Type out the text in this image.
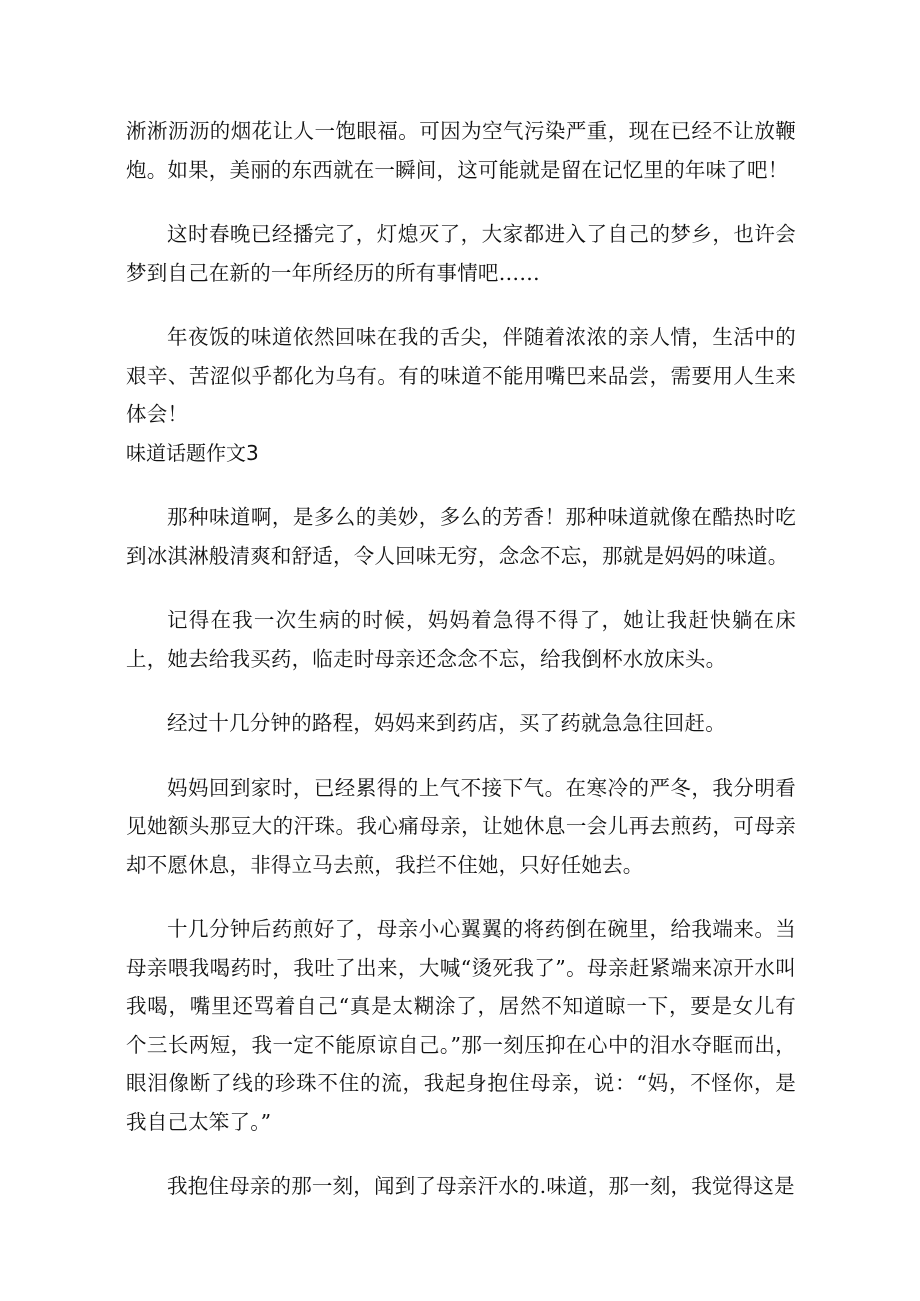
淅淅沥沥的烟花让人一饱眼福。可因为空气污染严重，现在已经不让放鞭炮。如果，美丽的东西就在一瞬间，这可能就是留在记忆里的年味了吧！

这时春晚已经播完了，灯熄灭了，大家都进入了自己的梦乡，也许会梦到自己在新的一年所经历的所有事情吧……

年夜饭的味道依然回味在我的舌尖，伴随着浓浓的亲人情，生活中的艰辛、苦涩似乎都化为乌有。有的味道不能用嘴巴来品尝，需要用人生来体会！

味道话题作文3

那种味道啊，是多么的美妙，多么的芳香！那种味道就像在酷热时吃到冰淇淋般清爽和舒适，令人回味无穷，念念不忘，那就是妈妈的味道。

记得在我一次生病的时候，妈妈着急得不得了，她让我赶快躺在床上，她去给我买药，临走时母亲还念念不忘，给我倒杯水放床头。

经过十几分钟的路程，妈妈来到药店，买了药就急急往回赶。

妈妈回到家时，已经累得的上气不接下气。在寒冷的严冬，我分明看见她额头那豆大的汗珠。我心痛母亲，让她休息一会儿再去煎药，可母亲却不愿休息，非得立马去煎，我拦不住她，只好任她去。

十几分钟后药煎好了，母亲小心翼翼的将药倒在碗里，给我端来。当母亲喂我喝药时，我吐了出来，大喊“烫死我了”。母亲赶紧端来凉开水叫我喝，嘴里还骂着自己“真是太糊涂了，居然不知道晾一下，要是女儿有个三长两短，我一定不能原谅自己。”那一刻压抑在心中的泪水夺眶而出，眼泪像断了线的珍珠不住的流，我起身抱住母亲，说：“妈，不怪你，是我自己太笨了。”

我抱住母亲的那一刻，闻到了母亲汗水的.味道，那一刻，我觉得这是
